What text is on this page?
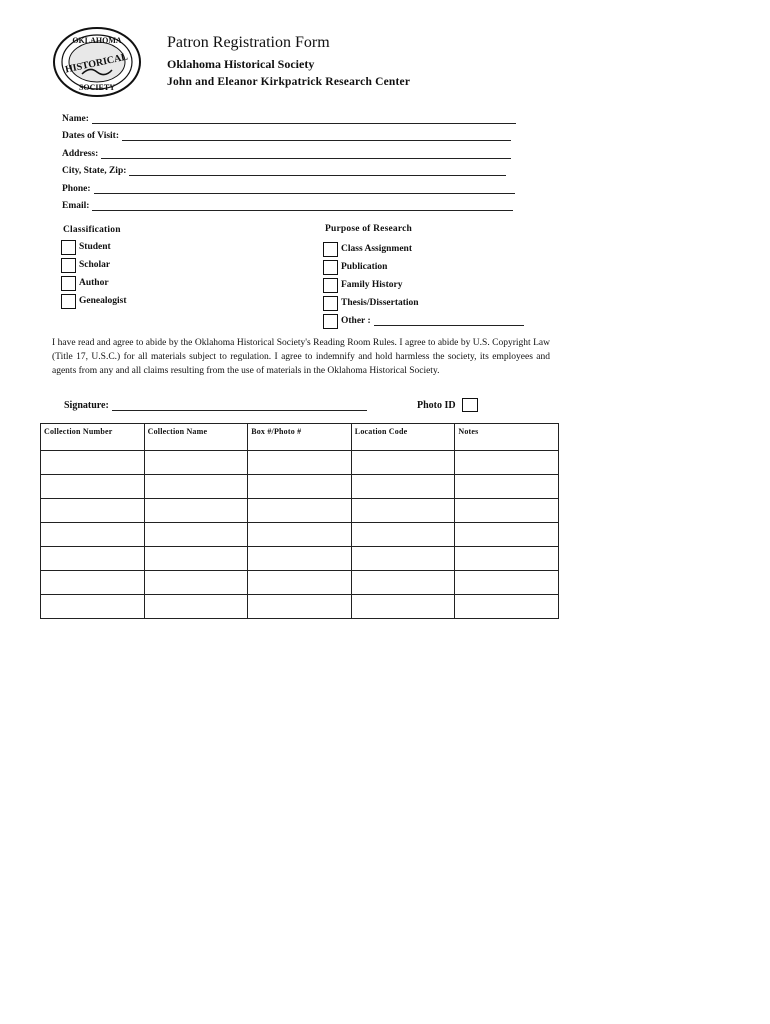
OKLAHOMA
HISTORICAL
SOCIETY
Patron Registration Form
Oklahoma Historical Society
John and Eleanor Kirkpatrick Research Center
Name:
Dates of Visit:
Address:
City, State, Zip:
Phone:
Email:
Classification
Student
Scholar
Author
Genealogist
Purpose of Research
Class Assignment
Publication
Family History
Thesis/Dissertation
Other :
I have read and agree to abide by the Oklahoma Historical Society's Reading Room Rules. I agree to abide by U.S. Copyright Law (Title 17, U.S.C.) for all materials subject to regulation. I agree to indemnify and hold harmless the society, its employees and agents from any and all claims resulting from the use of materials in the Oklahoma Historical Society.
Signature:	Photo ID
Collection Number	Collection Name	Box #/Photo #	Location Code	Notes
